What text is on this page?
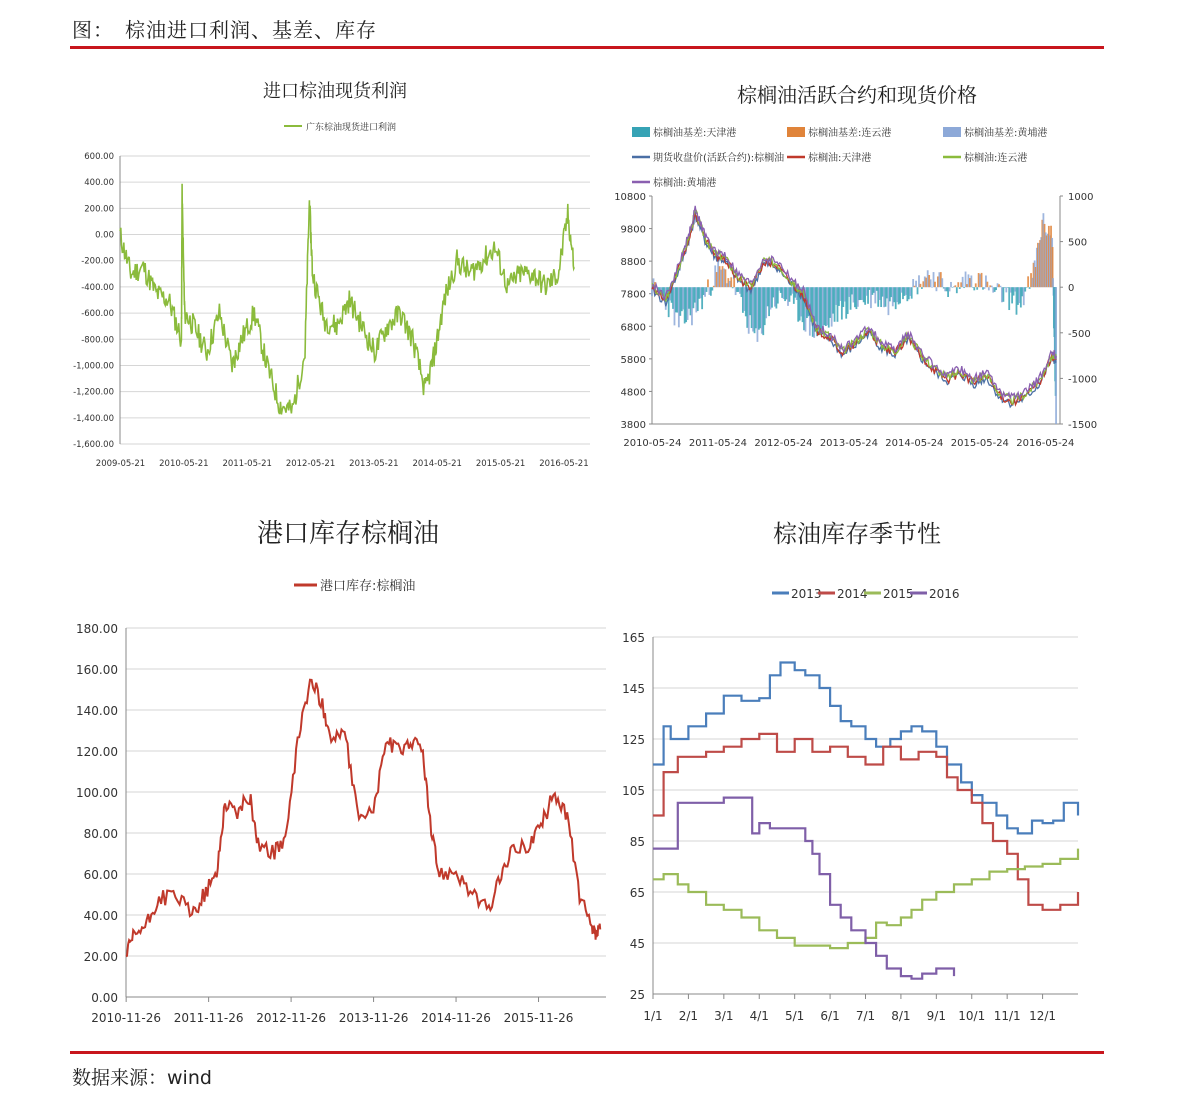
图：　棕油进口利润、基差、库存
进口棕油现货利润
广东棕油现货进口利润
600.00
400.00
200.00
0.00
-200.00
-400.00
-600.00
-800.00
-1,000.00
-1,200.00
-1,400.00
-1,600.00
2009-05-21 2010-05-21 2011-05-21 2012-05-21 2013-05-21 2014-05-21 2015-05-21 2016-05-21
棕榈油活跃合约和现货价格
棕榈油基差:天津港	棕榈油基差:连云港	棕榈油基差:黄埔港
期货收盘价(活跃合约):棕榈油 棕榈油:天津港	棕榈油:连云港
棕榈油:黄埔港
10800
9800
8800
7800
6800
5800
4800
3800
1000
500
0
-500
-1000
-1500
2010-05-24 2011-05-24 2012-05-24 2013-05-24 2014-05-24 2015-05-24 2016-05-24
港口库存棕榈油
港口库存:棕榈油
180.00
160.00
140.00
120.00
100.00
80.00
60.00
40.00
20.00
0.00
2010-11-26 2011-11-26 2012-11-26 2013-11-26 2014-11-26 2015-11-26
棕油库存季节性
2013 2014 2015 2016
165
145
125
105
85
65
45
25
1/1 2/1 3/1 4/1 5/1 6/1 7/1 8/1 9/1 10/1 11/1 12/1
数据来源：wind
